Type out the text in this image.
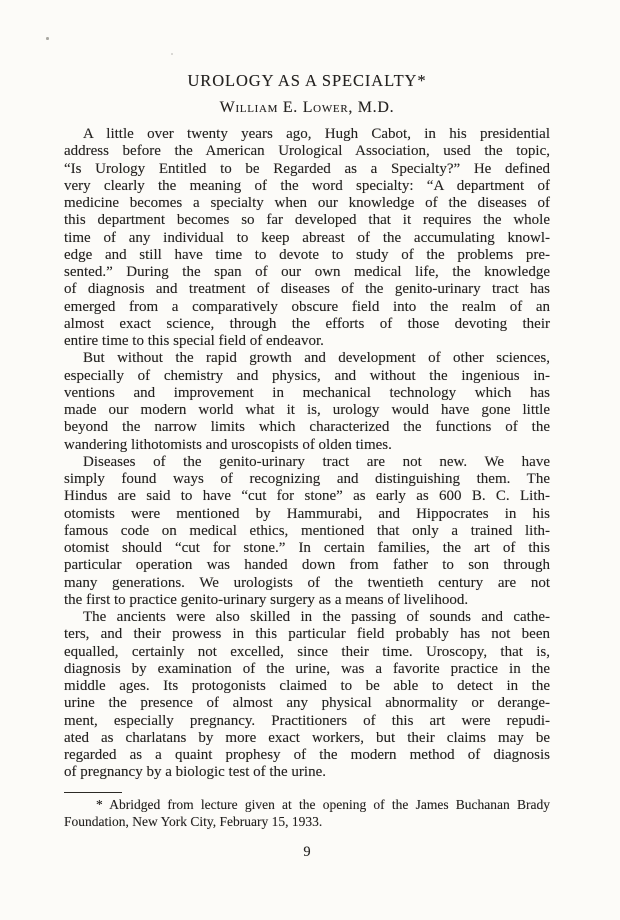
UROLOGY AS A SPECIALTY*
William E. Lower, M.D.
A little over twenty years ago, Hugh Cabot, in his presidential
address before the American Urological Association, used the topic,
“Is Urology Entitled to be Regarded as a Specialty?” He defined
very clearly the meaning of the word specialty: “A department of
medicine becomes a specialty when our knowledge of the diseases of
this department becomes so far developed that it requires the whole
time of any individual to keep abreast of the accumulating knowl-
edge and still have time to devote to study of the problems pre-
sented.” During the span of our own medical life, the knowledge
of diagnosis and treatment of diseases of the genito-urinary tract has
emerged from a comparatively obscure field into the realm of an
almost exact science, through the efforts of those devoting their
entire time to this special field of endeavor.
But without the rapid growth and development of other sciences,
especially of chemistry and physics, and without the ingenious in-
ventions and improvement in mechanical technology which has
made our modern world what it is, urology would have gone little
beyond the narrow limits which characterized the functions of the
wandering lithotomists and uroscopists of olden times.
Diseases of the genito-urinary tract are not new. We have
simply found ways of recognizing and distinguishing them. The
Hindus are said to have “cut for stone” as early as 600 B. C. Lith-
otomists were mentioned by Hammurabi, and Hippocrates in his
famous code on medical ethics, mentioned that only a trained lith-
otomist should “cut for stone.” In certain families, the art of this
particular operation was handed down from father to son through
many generations. We urologists of the twentieth century are not
the first to practice genito-urinary surgery as a means of livelihood.
The ancients were also skilled in the passing of sounds and cathe-
ters, and their prowess in this particular field probably has not been
equalled, certainly not excelled, since their time. Uroscopy, that is,
diagnosis by examination of the urine, was a favorite practice in the
middle ages. Its protogonists claimed to be able to detect in the
urine the presence of almost any physical abnormality or derange-
ment, especially pregnancy. Practitioners of this art were repudi-
ated as charlatans by more exact workers, but their claims may be
regarded as a quaint prophesy of the modern method of diagnosis
of pregnancy by a biologic test of the urine.
* Abridged from lecture given at the opening of the James Buchanan Brady
Foundation, New York City, February 15, 1933.
9
